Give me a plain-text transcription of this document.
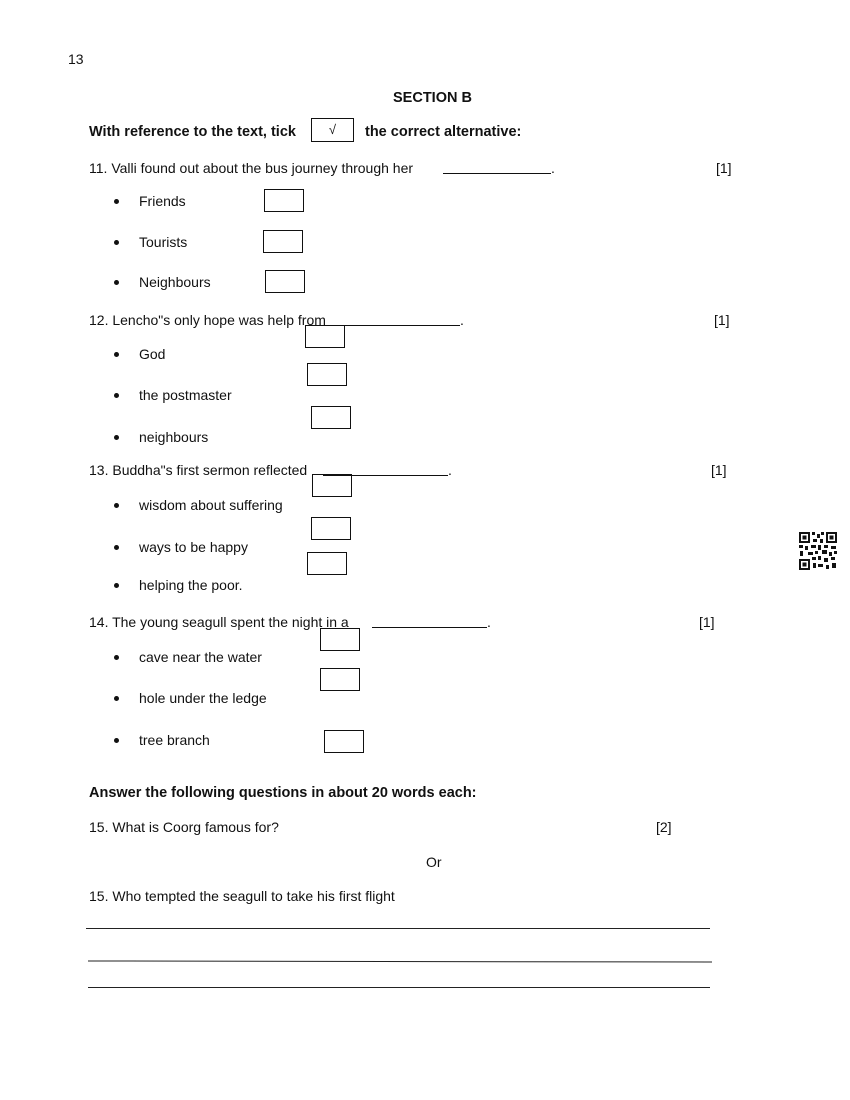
13
SECTION B
With reference to the text, tick	√	the correct alternative:
11. Valli found out about the bus journey through her	.	[1]
Friends
Tourists
Neighbours
12. Lencho"s only hope was help from	.	[1]
God
the postmaster
neighbours
13. Buddha"s first sermon reflected	.	[1]
wisdom about suffering
ways to be happy
helping the poor.
14. The young seagull spent the night in a	.	[1]
cave near the water
hole under the ledge
tree branch
Answer the following questions in about 20 words each:
15. What is Coorg famous for?	[2]
Or
15. Who tempted the seagull to take his first flight
